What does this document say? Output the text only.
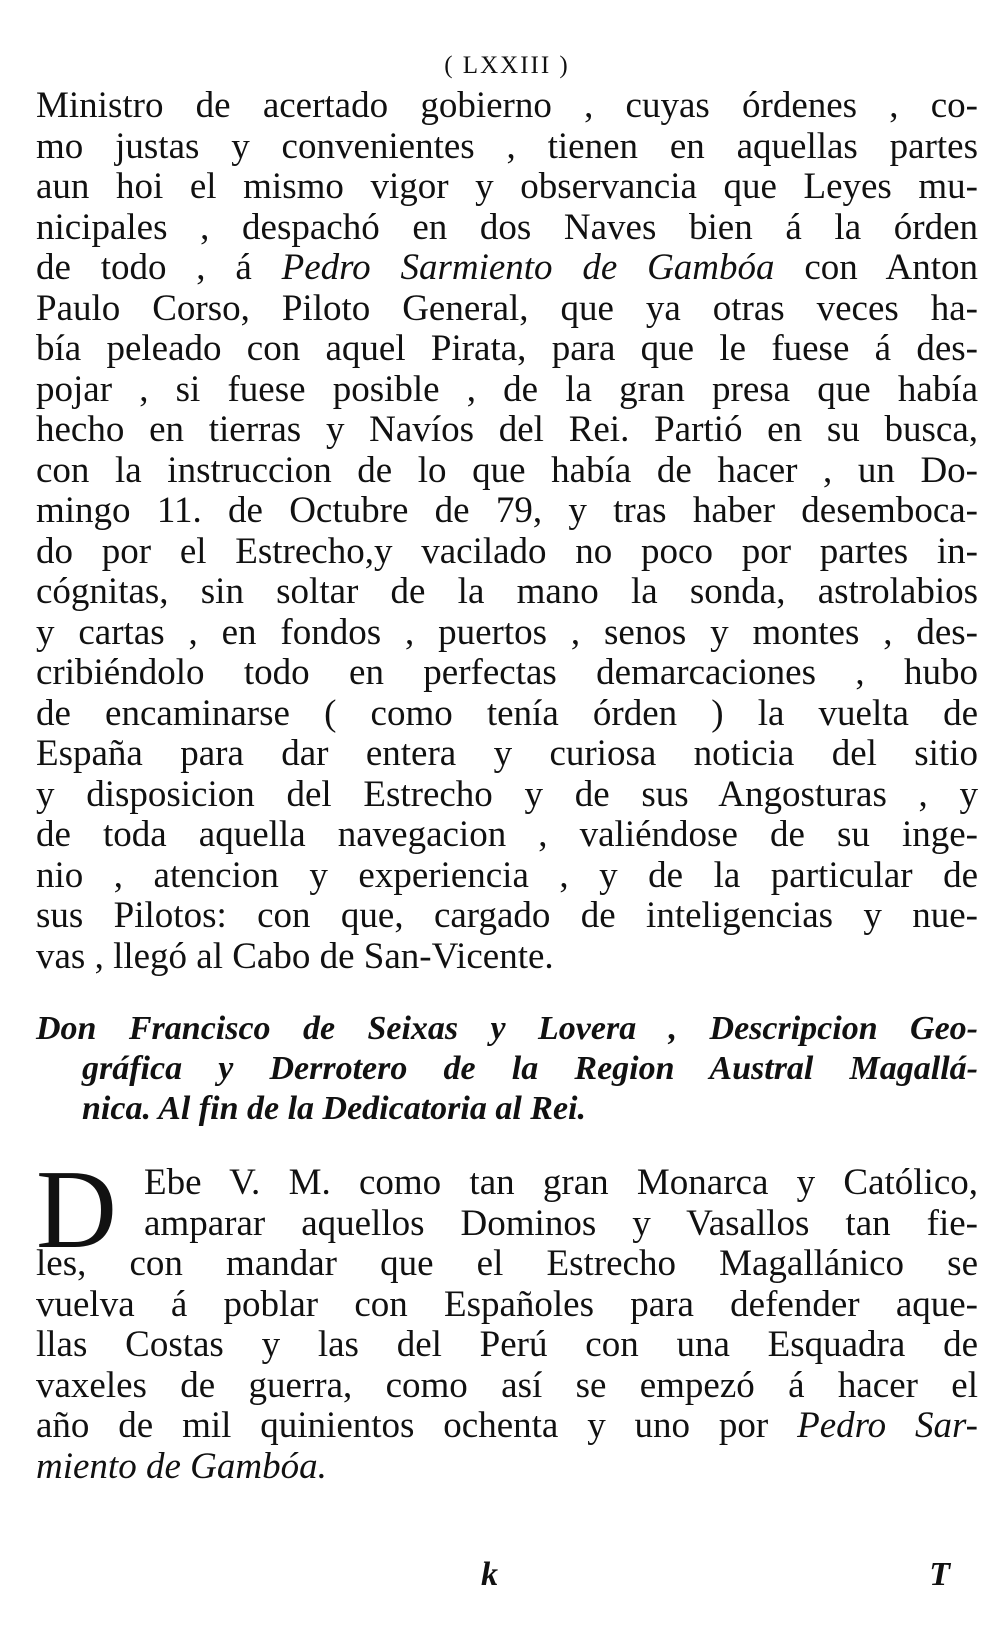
( LXXIII )
Ministro de acertado gobierno , cuyas órdenes , co-
mo justas y convenientes , tienen en aquellas partes
aun hoi el mismo vigor y observancia que Leyes mu-
nicipales , despachó en dos Naves bien á la órden
de todo , á Pedro Sarmiento de Gambóa con Anton
Paulo Corso, Piloto General, que ya otras veces ha-
bía peleado con aquel Pirata, para que le fuese á des-
pojar , si fuese posible , de la gran presa que había
hecho en tierras y Navíos del Rei. Partió en su busca,
con la instruccion de lo que había de hacer , un Do-
mingo 11. de Octubre de 79, y tras haber desemboca-
do por el Estrecho,y vacilado no poco por partes in-
cógnitas, sin soltar de la mano la sonda, astrolabios
y cartas , en fondos , puertos , senos y montes , des-
cribiéndolo todo en perfectas demarcaciones , hubo
de encaminarse ( como tenía órden ) la vuelta de
España para dar entera y curiosa noticia del sitio
y disposicion del Estrecho y de sus Angosturas , y
de toda aquella navegacion , valiéndose de su inge-
nio , atencion y experiencia , y de la particular de
sus Pilotos: con que, cargado de inteligencias y nue-
vas , llegó al Cabo de San-Vicente.
Don Francisco de Seixas y Lovera , Descripcion Geo-
gráfica y Derrotero de la Region Austral Magallá-
nica. Al fin de la Dedicatoria al Rei.
D Ebe V. M. como tan gran Monarca y Católico,
amparar aquellos Dominos y Vasallos tan fie-
les, con mandar que el Estrecho Magallánico se
vuelva á poblar con Españoles para defender aque-
llas Costas y las del Perú con una Esquadra de
vaxeles de guerra, como así se empezó á hacer el
año de mil quinientos ochenta y uno por Pedro Sar-
miento de Gambóa.
k	T
